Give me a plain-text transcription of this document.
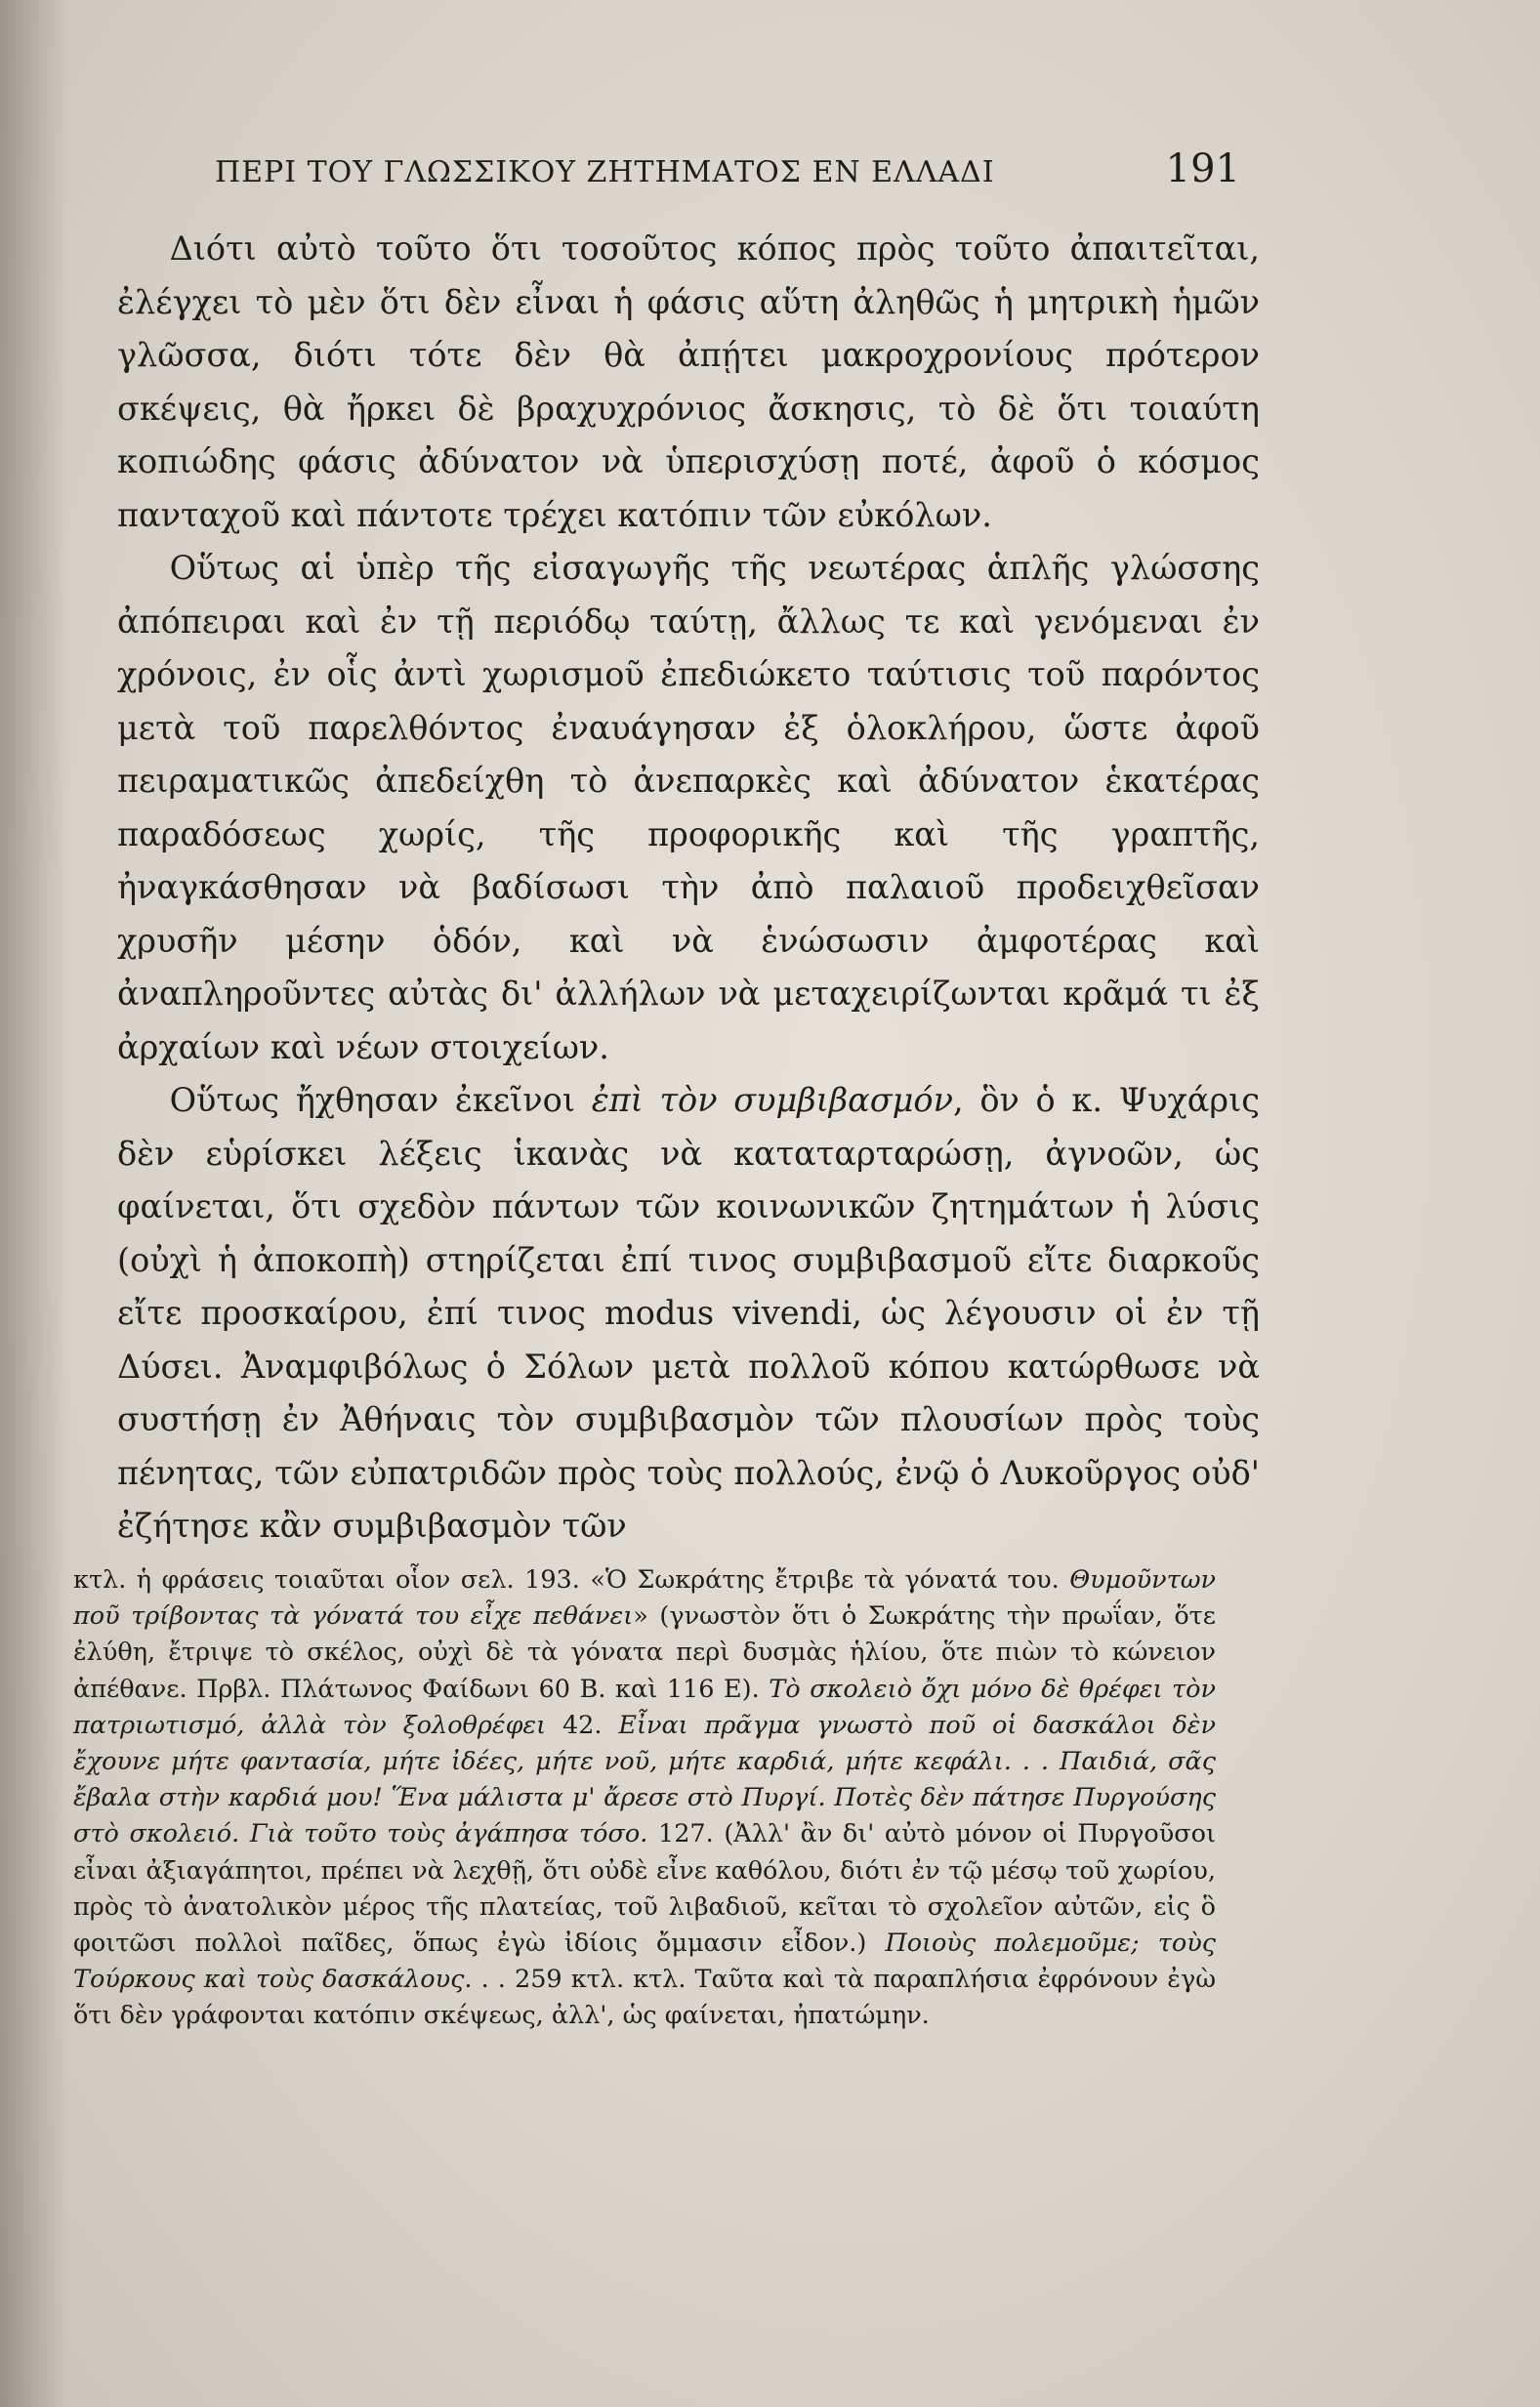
ΠΕΡΙ ΤΟΥ ΓΛΩΣΣΙΚΟΥ ΖΗΤΗΜΑΤΟΣ ΕΝ ΕΛΛΑΔΙ	191

Διότι αὐτὸ τοῦτο ὅτι τοσοῦτος κόπος πρὸς τοῦτο ἀπαιτεῖται, ἐλέγχει τὸ μὲν ὅτι δὲν εἶναι ἡ φάσις αὕτη ἀληθῶς ἡ μητρικὴ ἡμῶν γλῶσσα, διότι τότε δὲν θὰ ἀπῄτει μακροχρονίους πρότερον σκέψεις, θὰ ἤρκει δὲ βραχυχρόνιος ἄσκησις, τὸ δὲ ὅτι τοιαύτη κοπιώδης φάσις ἀδύνατον νὰ ὑπερισχύσῃ ποτέ, ἀφοῦ ὁ κόσμος πανταχοῦ καὶ πάντοτε τρέχει κατόπιν τῶν εὐκόλων.

Οὕτως αἱ ὑπὲρ τῆς εἰσαγωγῆς τῆς νεωτέρας ἁπλῆς γλώσσης ἀπόπειραι καὶ ἐν τῇ περιόδῳ ταύτῃ, ἄλλως τε καὶ γενόμεναι ἐν χρόνοις, ἐν οἷς ἀντὶ χωρισμοῦ ἐπεδιώκετο ταύτισις τοῦ παρόντος μετὰ τοῦ παρελθόντος ἐναυάγησαν ἐξ ὁλοκλήρου, ὥστε ἀφοῦ πειραματικῶς ἀπεδείχθη τὸ ἀνεπαρκὲς καὶ ἀδύνατον ἑκατέρας παραδόσεως χωρίς, τῆς προφορικῆς καὶ τῆς γραπτῆς, ἠναγκάσθησαν νὰ βαδίσωσι τὴν ἀπὸ παλαιοῦ προδειχθεῖσαν χρυσῆν μέσην ὁδόν, καὶ νὰ ἑνώσωσιν ἀμφοτέρας καὶ ἀναπληροῦντες αὐτὰς δι' ἀλλήλων νὰ μεταχειρίζωνται κρᾶμά τι ἐξ ἀρχαίων καὶ νέων στοιχείων.

Οὕτως ἤχθησαν ἐκεῖνοι ἐπὶ τὸν συμβιβασμόν, ὃν ὁ κ. Ψυχάρις δὲν εὑρίσκει λέξεις ἱκανὰς νὰ καταταρταρώσῃ, ἀγνοῶν, ὡς φαίνεται, ὅτι σχεδὸν πάντων τῶν κοινωνικῶν ζητημάτων ἡ λύσις (οὐχὶ ἡ ἀποκοπὴ) στηρίζεται ἐπί τινος συμβιβασμοῦ εἴτε διαρκοῦς εἴτε προσκαίρου, ἐπί τινος modus vivendi, ὡς λέγουσιν οἱ ἐν τῇ Δύσει. Ἀναμφιβόλως ὁ Σόλων μετὰ πολλοῦ κόπου κατώρθωσε νὰ συστήσῃ ἐν Ἀθήναις τὸν συμβιβασμὸν τῶν πλουσίων πρὸς τοὺς πένητας, τῶν εὐπατριδῶν πρὸς τοὺς πολλούς, ἐνῷ ὁ Λυκοῦργος οὐδ' ἐζήτησε κἂν συμβιβασμὸν τῶν

κτλ. ἡ φράσεις τοιαῦται οἷον σελ. 193. «Ὁ Σωκράτης ἔτριβε τὰ γόνατά του. Θυμοῦντων ποῦ τρίβοντας τὰ γόνατά του εἶχε πεθάνει» (γνωστὸν ὅτι ὁ Σωκράτης τὴν πρωΐαν, ὅτε ἐλύθη, ἔτριψε τὸ σκέλος, οὐχὶ δὲ τὰ γόνατα περὶ δυσμὰς ἡλίου, ὅτε πιὼν τὸ κώνειον ἀπέθανε. Πρβλ. Πλάτωνος Φαίδωνι 60 Β. καὶ 116 Ε). Τὸ σκολειὸ ὄχι μόνο δὲ θρέφει τὸν πατριωτισμό, ἀλλὰ τὸν ξολοθρέφει 42. Εἶναι πρᾶγμα γνωστὸ ποῦ οἱ δασκάλοι δὲν ἔχουνε μήτε φαντασία, μήτε ἰδέες, μήτε νοῦ, μήτε καρδιά, μήτε κεφάλι. . . Παιδιά, σᾶς ἔβαλα στὴν καρδιά μου! Ἕνα μάλιστα μ' ἄρεσε στὸ Πυργί. Ποτὲς δὲν πάτησε Πυργούσης στὸ σκολειό. Γιὰ τοῦτο τοὺς ἀγάπησα τόσο. 127. (Ἀλλ' ἂν δι' αὐτὸ μόνον οἱ Πυργοῦσοι εἶναι ἀξιαγάπητοι, πρέπει νὰ λεχθῇ, ὅτι οὐδὲ εἶνε καθόλου, διότι ἐν τῷ μέσῳ τοῦ χωρίου, πρὸς τὸ ἀνατολικὸν μέρος τῆς πλατείας, τοῦ λιβαδιοῦ, κεῖται τὸ σχολεῖον αὐτῶν, εἰς ὃ φοιτῶσι πολλοὶ παῖδες, ὅπως ἐγὼ ἰδίοις ὄμμασιν εἶδον.) Ποιοὺς πολεμοῦμε; τοὺς Τούρκους καὶ τοὺς δασκάλους. . . 259 κτλ. κτλ. Ταῦτα καὶ τὰ παραπλήσια ἐφρόνουν ἐγὼ ὅτι δὲν γράφονται κατόπιν σκέψεως, ἀλλ', ὡς φαίνεται, ἠπατώμην.
